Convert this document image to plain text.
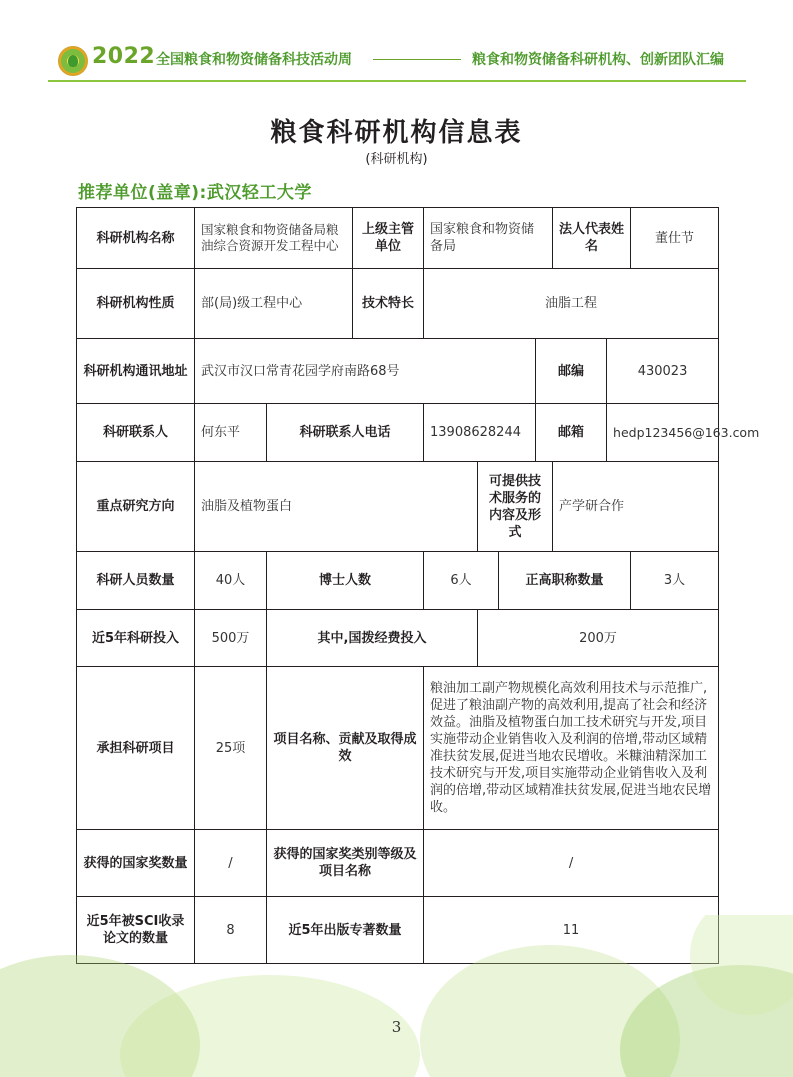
2022 全国粮食和物资储备科技活动周	粮食和物资储备科研机构、创新团队汇编
粮食科研机构信息表
(科研机构)
推荐单位(盖章):武汉轻工大学
科研机构名称	国家粮食和物资储备局粮油综合资源开发工程中心		上级主管单位	国家粮食和物资储备局				法人代表姓名		董仕节
科研机构性质	部(局)级工程中心		技术特长	油脂工程						
科研机构通讯地址	武汉市汉口常青花园学府南路68号						邮编		430023	
科研联系人	何东平	科研联系人电话		13908628244			邮箱		hedp123456@163.com	
重点研究方向	油脂及植物蛋白				可提供技术服务的内容及形式			产学研合作		
科研人员数量	40人	博士人数		6人		正高职称数量				3人
近5年科研投入	500万	其中,国拨经费投入			200万					
承担科研项目	25项	项目名称、贡献及取得成效		粮油加工副产物规模化高效利用技术与示范推广,促进了粮油副产物的高效利用,提高了社会和经济效益。油脂及植物蛋白加工技术研究与开发,项目实施带动企业销售收入及利润的倍增,带动区域精准扶贫发展,促进当地农民增收。米糠油精深加工技术研究与开发,项目实施带动企业销售收入及利润的倍增,带动区域精准扶贫发展,促进当地农民增收。						
获得的国家奖数量	/	获得的国家奖类别等级及项目名称		/						
近5年被SCI收录论文的数量	8	近5年出版专著数量		11						
3
